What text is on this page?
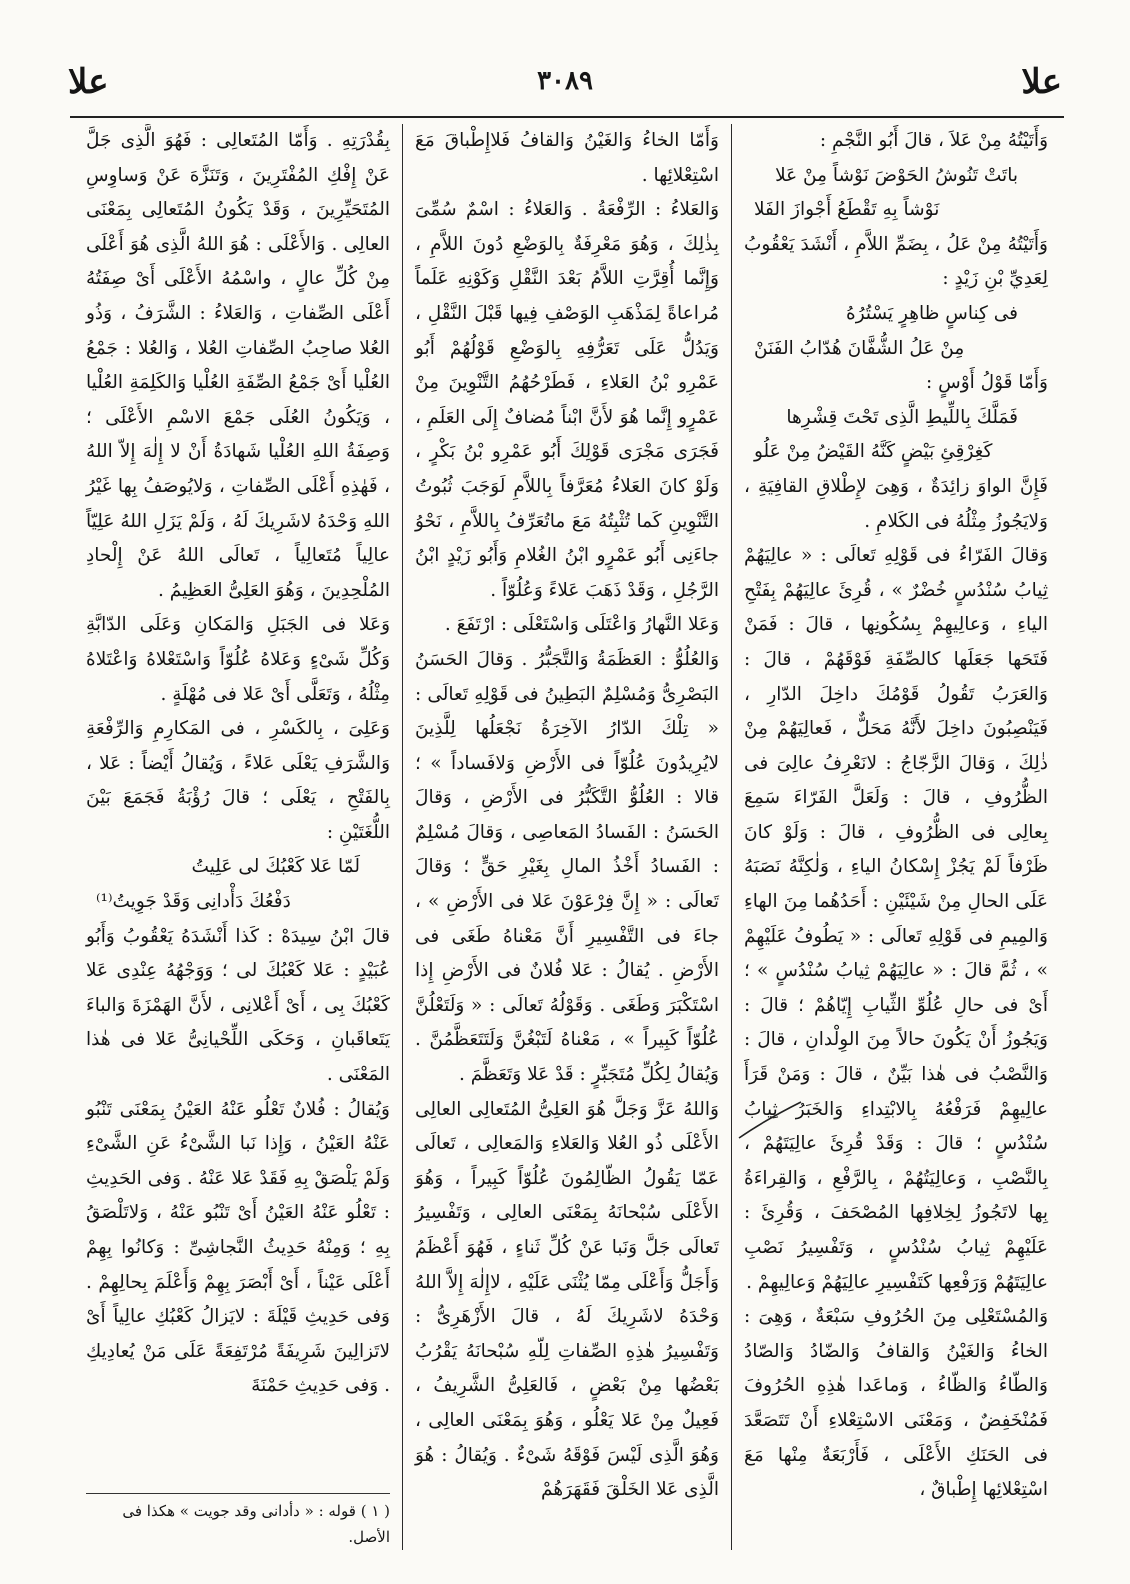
علا
٣٠٨٩
علا

وَأَتَيْتُهُ مِنْ عَلاَ ، قالَ أَبُو النَّجْمِ :

باتَتْ تَنُوشُ الحَوْضَ نَوْشاً مِنْ عَلا

نَوْشاً بِهِ تَقْطَعُ أَجْوازَ الفَلا

وَأَتَيْتُهُ مِنْ عَلُ ، بِضَمِّ اللاَّمِ ، أَنْشَدَ يَعْقُوبُ لِعَدِيِّ بْنِ زَيْدٍ :

فى كِناسٍ ظاهِرٍ يَسْتُرُهُ

مِنْ عَلُ الشُّفَّانَ هُدّابُ الفَنَنْ

وَأَمّا قَوْلُ أَوْسٍ :

فَمَلَّكَ بِاللِّيطِ الَّذِى تَحْتَ قِشْرِها

كَغِرْقِئِ بَيْضٍ كَنَّهُ القَيْضُ مِنْ عَلُو

فَإِنَّ الواوَ زائِدَةٌ ، وَهِىَ لإِطْلاقِ القافِيَةِ ، وَلايَجُوزُ مِثْلُهُ فى الكَلامِ .

وَقالَ الفَرّاءُ فى قَوْلِهِ تَعالَى : « عالِيَهُمْ ثِيابُ سُنْدُسٍ خُضْرٌ » ، قُرِئَ عالِيَهُمْ بِفَتْحِ الياءِ ، وَعالِيهِمْ بِسُكُونِها ، قالَ : فَمَنْ فَتَحَها جَعَلَها كالصِّفَةِ فَوْقَهُمْ ، قالَ : وَالعَرَبُ تَقُولُ قَوْمُكَ داخِلَ الدّارِ ، فَيَنْصِبُونَ داخِلَ لأَنَّهُ مَحَلٌّ ، فَعالِيَهُمْ مِنْ ذٰلِكَ ، وَقالَ الزَّجّاجُ : لانَعْرِفُ عالِىَ فى الظُّرُوفِ ، قالَ : وَلَعَلَّ الفَرّاءَ سَمِعَ بِعالِى فى الظُّرُوفِ ، قالَ : وَلَوْ كانَ ظَرْفاً لَمْ يَجُزْ إِسْكانُ الياءِ ، وَلٰكِنَّهُ نَصَبَهُ عَلَى الحالِ مِنْ شَيْئَيْنِ : أَحَدُهُما مِنَ الهاءِ وَالمِيمِ فى قَوْلِهِ تَعالَى : « يَطُوفُ عَلَيْهِمْ » ، ثُمَّ قالَ : « عالِيَهُمْ ثِيابُ سُنْدُسٍ » ؛ أَىْ فى حالِ عُلُوِّ الثِّيابِ إِيّاهُمْ ؛ قالَ : وَيَجُوزُ أَنْ يَكُونَ حالاً مِنَ الوِلْدانِ ، قالَ : وَالنَّصْبُ فى هٰذا بَيِّنٌ ، قالَ : وَمَنْ قَرَأَ عالِيهِمْ فَرَفْعُهُ بِالابْتِداءِ وَالخَبَرُ ثِيابُ سُنْدُسٍ ؛ قالَ : وَقَدْ قُرِئَ عالِيَتَهُمْ ، بِالنَّصْبِ ، وَعالِيَتُهُمْ ، بِالرَّفْعِ ، وَالقِراءَةُ بِها لاتَجُوزُ لِخِلافِها المُصْحَفَ ، وَقُرِئَ : عَلَيْهِمْ ثِيابُ سُنْدُسٍ ، وَتَفْسِيرُ نَصْبِ عالِيَتَهُمْ وَرَفْعِها كَتَفْسِيرِ عالِيَهُمْ وَعالِيهِمْ .

وَالمُسْتَعْلِى مِنَ الحُرُوفِ سَبْعَةٌ ، وَهِىَ : الخاءُ وَالغَيْنُ وَالقافُ وَالضّادُ وَالصّادُ وَالطّاءُ وَالظّاءُ ، وَماعَدا هٰذِهِ الحُرُوفَ فَمُنْخَفِضٌ ، وَمَعْنَى الاسْتِعْلاءِ أَنْ تَتَصَعَّدَ فى الحَنَكِ الأَعْلَى ، فَأَرْبَعَةٌ مِنْها مَعَ اسْتِعْلائِها إِطْباقٌ ،

وَأَمّا الخاءُ وَالغَيْنُ وَالقافُ فَلاإِطْباقَ مَعَ اسْتِعْلائِها .

وَالعَلاءُ : الرِّفْعَةُ . وَالعَلاءُ : اسْمٌ سُمِّىَ بِذٰلِكَ ، وَهُوَ مَعْرِفَةٌ بِالوَضْعِ دُونَ اللاَّمِ ، وَإِنَّما أُقِرَّتِ اللاَّمُ بَعْدَ النَّقْلِ وَكَوْنِهِ عَلَماً مُراعاةً لِمَذْهَبِ الوَصْفِ فِيها قَبْلَ النَّقْلِ ، وَيَدُلُّ عَلَى تَعَرُّفِهِ بِالوَضْعِ قَوْلُهُمْ أَبُو عَمْرِو بْنُ العَلاءِ ، فَطَرْحُهُمُ التَّنْوِينَ مِنْ عَمْرٍو إِنَّما هُوَ لأَنَّ ابْناً مُضافٌ إِلَى العَلَمِ ، فَجَرَى مَجْرَى قَوْلِكَ أَبُو عَمْرِو بْنُ بَكْرٍ ، وَلَوْ كانَ العَلاءُ مُعَرَّفاً بِاللاَّمِ لَوَجَبَ ثُبُوتُ التَّنْوِينِ كَما تُثْبِتُهُ مَعَ ماتُعَرِّفُ بِاللاَّمِ ، نَحْوُ جاءَنِى أَبُو عَمْرٍو ابْنُ الغُلامِ وَأَبُو زَيْدٍ ابْنُ الرَّجُلِ ، وَقَدْ ذَهَبَ عَلاءً وَعُلُوّاً .

وَعَلا النَّهارُ وَاعْتَلَى وَاسْتَعْلَى : ارْتَفَعَ .

وَالعُلُوُّ : العَظَمَةُ وَالتَّجَبُّرُ . وَقالَ الحَسَنُ البَصْرِىُّ وَمُسْلِمٌ البَطِينُ فى قَوْلِهِ تَعالَى : « تِلْكَ الدّارُ الآخِرَةُ نَجْعَلُها لِلَّذِينَ لايُرِيدُونَ عُلُوّاً فى الأَرْضِ وَلافَساداً » ؛ قالا : العُلُوُّ التَّكَبُّرُ فى الأَرْضِ ، وَقالَ الحَسَنُ : الفَسادُ المَعاصِى ، وَقالَ مُسْلِمٌ : الفَسادُ أَخْذُ المالِ بِغَيْرِ حَقٍّ ؛ وَقالَ تَعالَى : « إِنَّ فِرْعَوْنَ عَلا فى الأَرْضِ » ، جاءَ فى التَّفْسِيرِ أَنَّ مَعْناهُ طَغَى فى الأَرْضِ . يُقالُ : عَلا فُلانٌ فى الأَرْضِ إِذا اسْتَكْبَرَ وَطَغَى . وَقَوْلُهُ تَعالَى : « وَلَتَعْلُنَّ عُلُوّاً كَبِيراً » ، مَعْناهُ لَتَبْغُنَّ وَلَتَتَعَظَّمُنَّ . وَيُقالُ لِكُلِّ مُتَجَبِّرٍ : قَدْ عَلا وَتَعَظَّمَ .

وَاللهُ عَزَّ وَجَلَّ هُوَ العَلِىُّ المُتَعالِى العالِى الأَعْلَى ذُو العُلا وَالعَلاءِ وَالمَعالِى ، تَعالَى عَمّا يَقُولُ الظّالِمُونَ عُلُوّاً كَبِيراً ، وَهُوَ الأَعْلَى سُبْحانَهُ بِمَعْنَى العالِى ، وَتَفْسِيرُ تَعالَى جَلَّ وَنَبا عَنْ كُلِّ ثَناءٍ ، فَهُوَ أَعْظَمُ وَأَجَلُّ وَأَعْلَى مِمّا يُثْنَى عَلَيْهِ ، لاإِلٰهَ إِلاَّ اللهُ وَحْدَهُ لاشَرِيكَ لَهُ ، قالَ الأَزْهَرِىُّ : وَتَفْسِيرُ هٰذِهِ الصِّفاتِ لِلّهِ سُبْحانَهُ يَقْرُبُ بَعْضُها مِنْ بَعْضٍ ، فَالعَلِىُّ الشَّرِيفُ ، فَعِيلٌ مِنْ عَلا يَعْلُو ، وَهُوَ بِمَعْنَى العالِى ، وَهُوَ الَّذِى لَيْسَ فَوْقَهُ شَىْءٌ . وَيُقالُ : هُوَ الَّذِى عَلا الخَلْقَ فَقَهَرَهُمْ

بِقُدْرَتِهِ . وَأَمّا المُتَعالِى : فَهُوَ الَّذِى جَلَّ عَنْ إِفْكِ المُفْتَرِينَ ، وَتَنَزَّهَ عَنْ وَساوِسِ المُتَحَيِّرِينَ ، وَقَدْ يَكُونُ المُتَعالِى بِمَعْنَى العالِى . وَالأَعْلَى : هُوَ اللهُ الَّذِى هُوَ أَعْلَى مِنْ كُلِّ عالٍ ، واسْمُهُ الأَعْلَى أَىْ صِفَتُهُ أَعْلَى الصِّفاتِ ، وَالعَلاءُ : الشَّرَفُ ، وَذُو العُلا صاحِبُ الصِّفاتِ العُلا ، وَالعُلا : جَمْعُ العُلْيا أَىْ جَمْعُ الصِّفَةِ العُلْيا وَالكَلِمَةِ العُلْيا ، وَيَكُونُ العُلَى جَمْعَ الاسْمِ الأَعْلَى ؛ وَصِفَةُ اللهِ العُلْيا شَهادَةُ أَنْ لا إِلٰهَ إِلاّ اللهُ ، فَهٰذِهِ أَعْلَى الصِّفاتِ ، وَلايُوصَفُ بِها غَيْرُ اللهِ وَحْدَهُ لاشَرِيكَ لَهُ ، وَلَمْ يَزَلِ اللهُ عَلِيّاً عالِياً مُتَعالِياً ، تَعالَى اللهُ عَنْ إِلْحادِ المُلْحِدِينَ ، وَهُوَ العَلِىُّ العَظِيمُ .

وَعَلا فى الجَبَلِ وَالمَكانِ وَعَلَى الدّابَّةِ وَكُلِّ شَىْءٍ وَعَلاهُ عُلُوّاً وَاسْتَعْلاهُ وَاعْتَلاهُ مِثْلُهُ ، وَتَعَلَّى أَىْ عَلا فى مُهْلَةٍ .

وَعَلِىَ ، بِالكَسْرِ ، فى المَكارِمِ وَالرِّفْعَةِ وَالشَّرَفِ يَعْلَى عَلاءً ، وَيُقالُ أَيْضاً : عَلا ، بِالفَتْحِ ، يَعْلَى ؛ قالَ رُؤْبَةُ فَجَمَعَ بَيْنَ اللُّغَتَيْنِ :

لَمّا عَلا كَعْبُكَ لى عَلِيتُ

دَفْعُكَ دَأْدانِى وَقَدْ جَوِيتُ⁽¹⁾

قالَ ابْنُ سِيدَهْ : كَذا أَنْشَدَهُ يَعْقُوبُ وَأَبُو عُبَيْدٍ : عَلا كَعْبُكَ لى ؛ وَوَجْهُهُ عِنْدِى عَلا كَعْبُكَ بِى ، أَىْ أَعْلانِى ، لأَنَّ الهَمْزَةَ وَالباءَ يَتَعاقَبانِ ، وَحَكَى اللِّحْيانِىُّ عَلا فى هٰذا المَعْنَى .

وَيُقالُ : فُلانٌ تَعْلُو عَنْهُ العَيْنُ بِمَعْنَى تَنْبُو عَنْهُ العَيْنُ ، وَإِذا نَبا الشَّىْءُ عَنِ الشَّىْءِ وَلَمْ يَلْصَقْ بِهِ فَقَدْ عَلا عَنْهُ . وَفى الحَدِيثِ : تَعْلُو عَنْهُ العَيْنُ أَىْ تَنْبُو عَنْهُ ، وَلاتَلْصَقُ بِهِ ؛ وَمِنْهُ حَدِيثُ النَّجاشِىِّ : وَكانُوا بِهِمْ أَعْلَى عَيْناً ، أَىْ أَبْصَرَ بِهِمْ وَأَعْلَمَ بِحالِهِمْ . وَفى حَدِيثِ قَيْلَةَ : لايَزالُ كَعْبُكِ عالِياً أَىْ لاتَزالِينَ شَرِيفَةً مُرْتَفِعَةً عَلَى مَنْ يُعادِيكِ . وَفى حَدِيثِ حَمْنَةَ

( ١ ) قوله : « دأدانى وقد جويت » هكذا فى الأصل.
